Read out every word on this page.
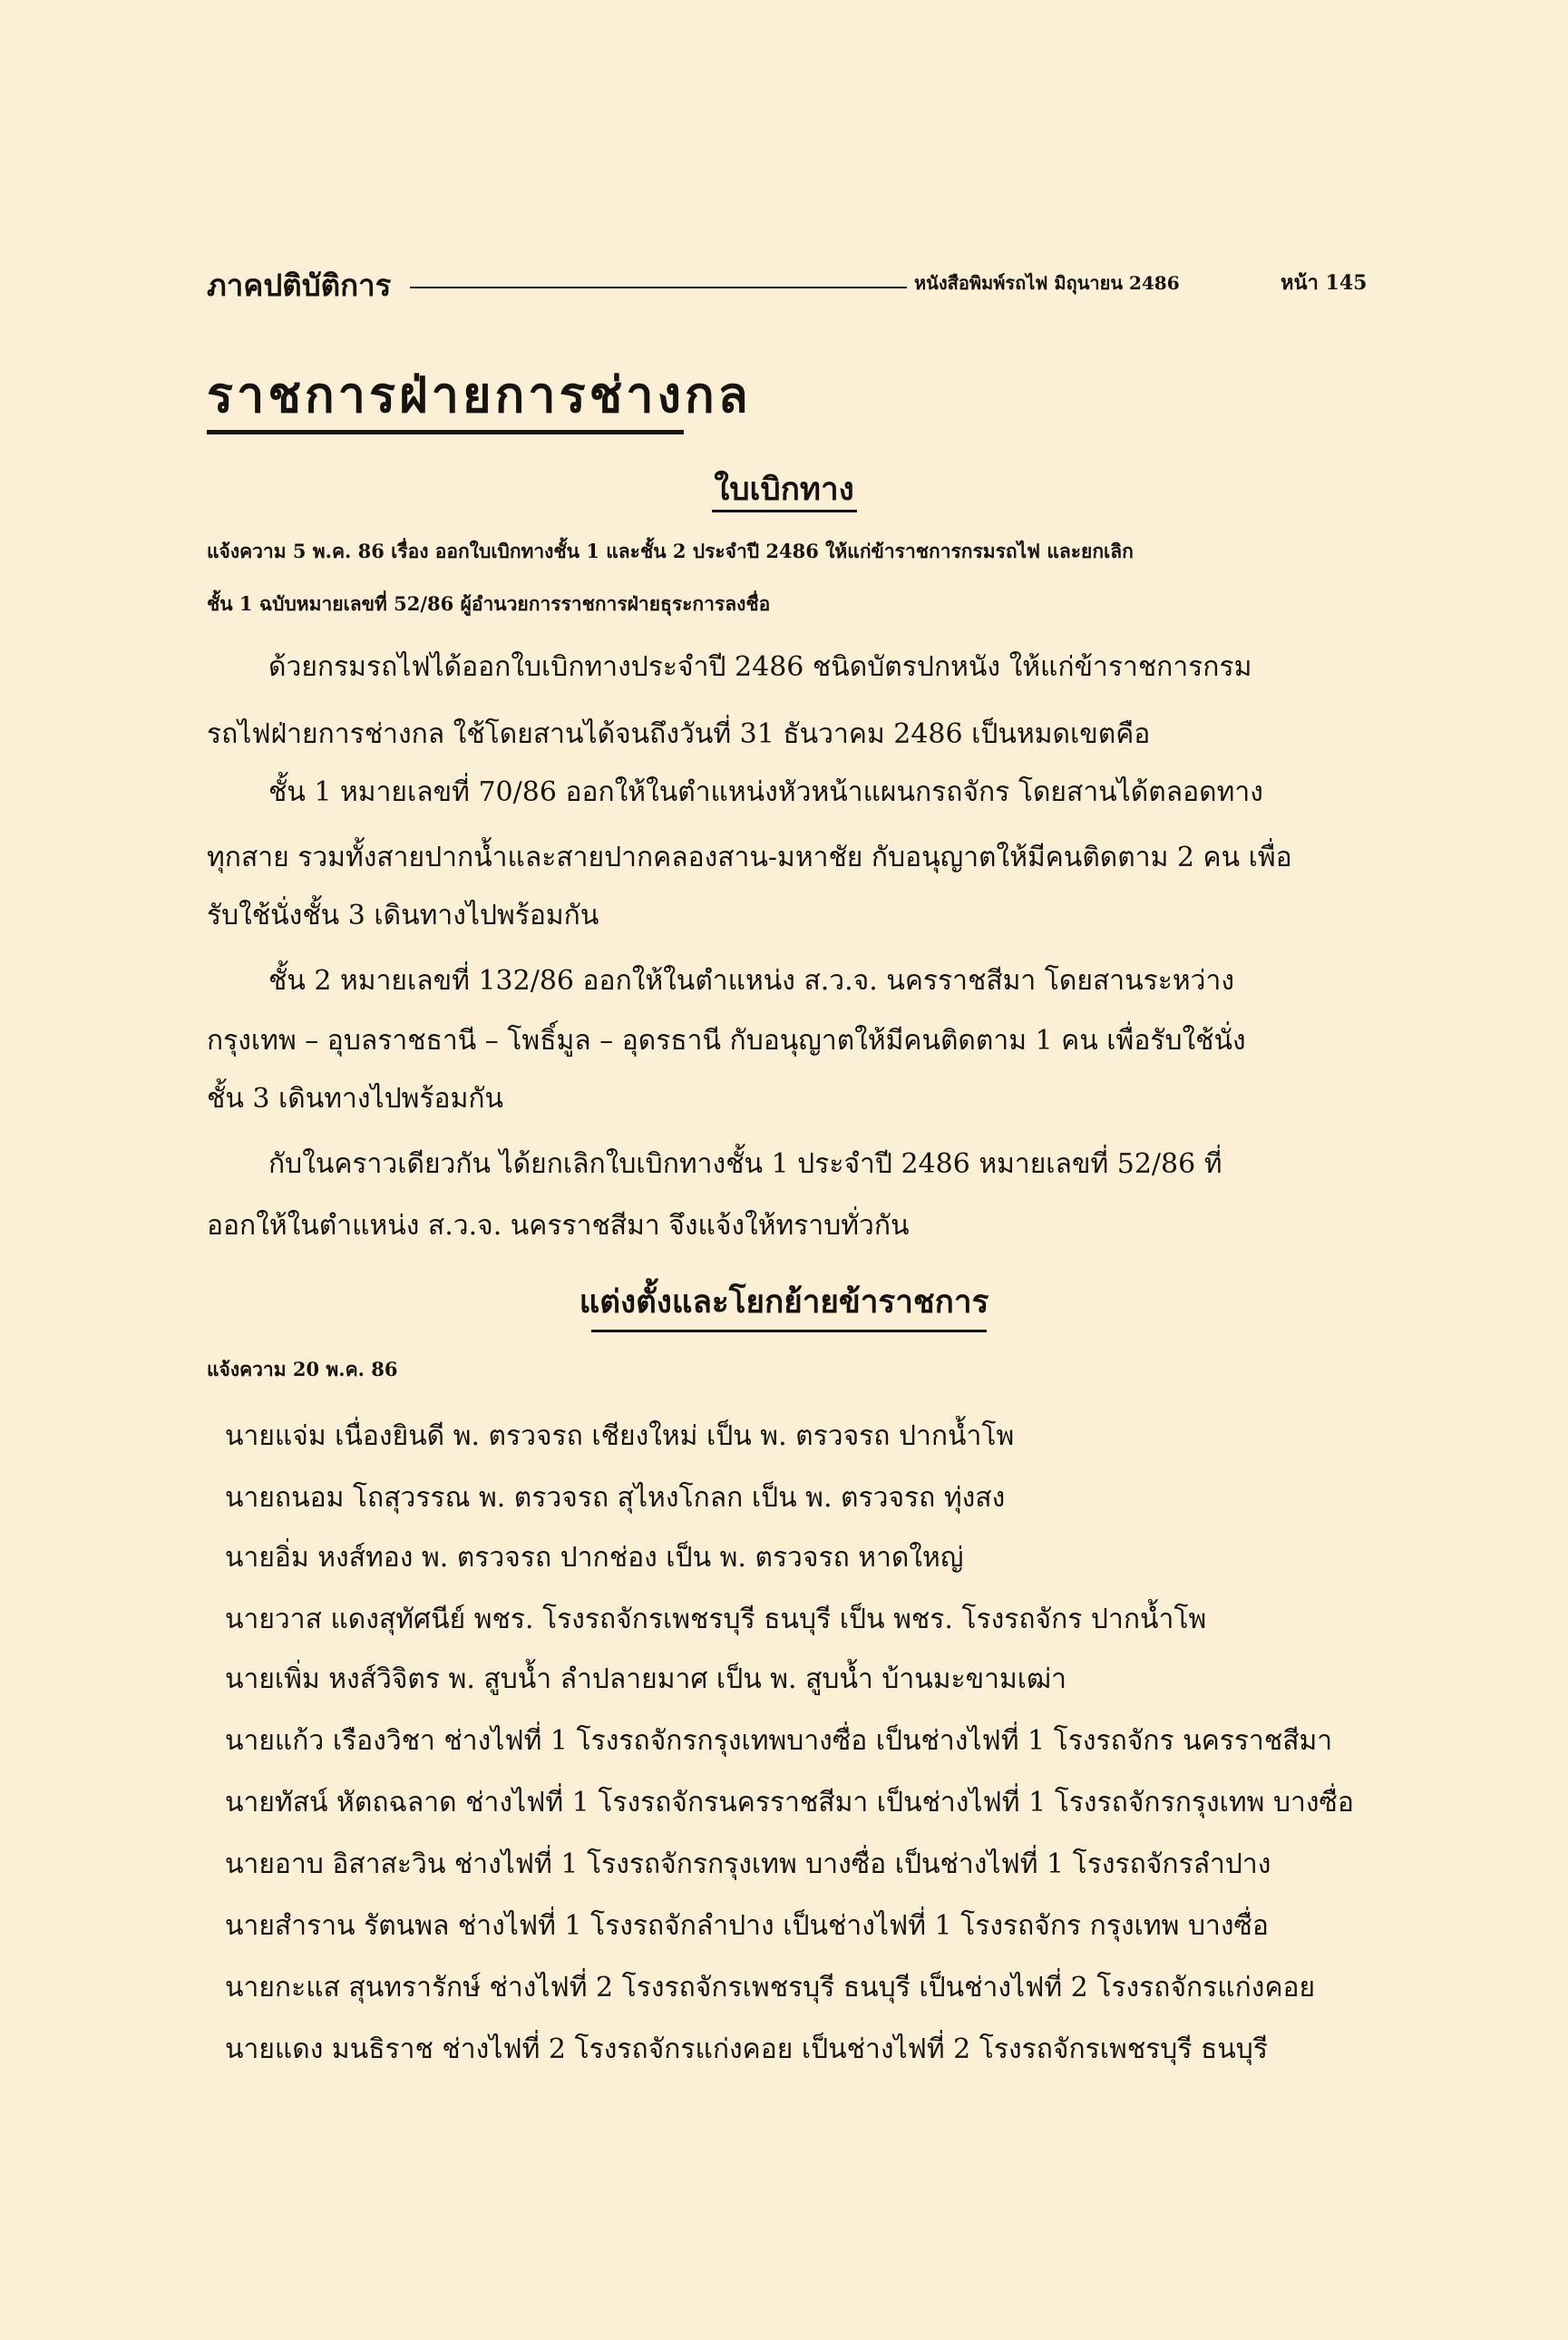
ภาคปติบัติการ	หนังสือพิมพ์รถไฟ มิถุนายน 2486	หน้า 145
ราชการฝ่ายการช่างกล
ใบเบิกทาง
แจ้งความ 5 พ.ค. 86 เรื่อง ออกใบเบิกทางชั้น 1 และชั้น 2 ประจำปี 2486 ให้แก่ข้าราชการกรมรถไฟ และยกเลิก
ชั้น 1 ฉบับหมายเลขที่ 52/86 ผู้อำนวยการราชการฝ่ายธุระการลงชื่อ
ด้วยกรมรถไฟได้ออกใบเบิกทางประจำปี 2486 ชนิดบัตรปกหนัง ให้แก่ข้าราชการกรม
รถไฟฝ่ายการช่างกล ใช้โดยสานได้จนถึงวันที่ 31 ธันวาคม 2486 เป็นหมดเขตคือ
ชั้น 1 หมายเลขที่ 70/86 ออกให้ในตำแหน่งหัวหน้าแผนกรถจักร โดยสานได้ตลอดทาง
ทุกสาย รวมทั้งสายปากน้ำและสายปากคลองสาน-มหาชัย กับอนุญาตให้มีคนติดตาม 2 คน เพื่อ
รับใช้นั่งชั้น 3 เดินทางไปพร้อมกัน
ชั้น 2 หมายเลขที่ 132/86 ออกให้ในตำแหน่ง ส.ว.จ. นครราชสีมา โดยสานระหว่าง
กรุงเทพ – อุบลราชธานี – โพธิ์มูล – อุดรธานี กับอนุญาตให้มีคนติดตาม 1 คน เพื่อรับใช้นั่ง
ชั้น 3 เดินทางไปพร้อมกัน
กับในคราวเดียวกัน ได้ยกเลิกใบเบิกทางชั้น 1 ประจำปี 2486 หมายเลขที่ 52/86 ที่
ออกให้ในตำแหน่ง ส.ว.จ. นครราชสีมา จึงแจ้งให้ทราบทั่วกัน
แต่งตั้งและโยกย้ายข้าราชการ
แจ้งความ 20 พ.ค. 86
นายแจ่ม เนื่องยินดี พ. ตรวจรถ เชียงใหม่ เป็น พ. ตรวจรถ ปากน้ำโพ
นายถนอม โถสุวรรณ พ. ตรวจรถ สุไหงโกลก เป็น พ. ตรวจรถ ทุ่งสง
นายอิ่ม หงส์ทอง พ. ตรวจรถ ปากช่อง เป็น พ. ตรวจรถ หาดใหญ่
นายวาส แดงสุทัศนีย์ พชร. โรงรถจักรเพชรบุรี ธนบุรี เป็น พชร. โรงรถจักร ปากน้ำโพ
นายเพิ่ม หงส์วิจิตร พ. สูบน้ำ ลำปลายมาศ เป็น พ. สูบน้ำ บ้านมะขามเฒ่า
นายแก้ว เรืองวิชา ช่างไฟที่ 1 โรงรถจักรกรุงเทพบางซื่อ เป็นช่างไฟที่ 1 โรงรถจักร นครราชสีมา
นายทัสน์ หัตถฉลาด ช่างไฟที่ 1 โรงรถจักรนครราชสีมา เป็นช่างไฟที่ 1 โรงรถจักรกรุงเทพ บางซื่อ
นายอาบ อิสาสะวิน ช่างไฟที่ 1 โรงรถจักรกรุงเทพ บางซื่อ เป็นช่างไฟที่ 1 โรงรถจักรลำปาง
นายสำราน รัตนพล ช่างไฟที่ 1 โรงรถจักลำปาง เป็นช่างไฟที่ 1 โรงรถจักร กรุงเทพ บางซื่อ
นายกะแส สุนทรารักษ์ ช่างไฟที่ 2 โรงรถจักรเพชรบุรี ธนบุรี เป็นช่างไฟที่ 2 โรงรถจักรแก่งคอย
นายแดง มนธิราช ช่างไฟที่ 2 โรงรถจักรแก่งคอย เป็นช่างไฟที่ 2 โรงรถจักรเพชรบุรี ธนบุรี
